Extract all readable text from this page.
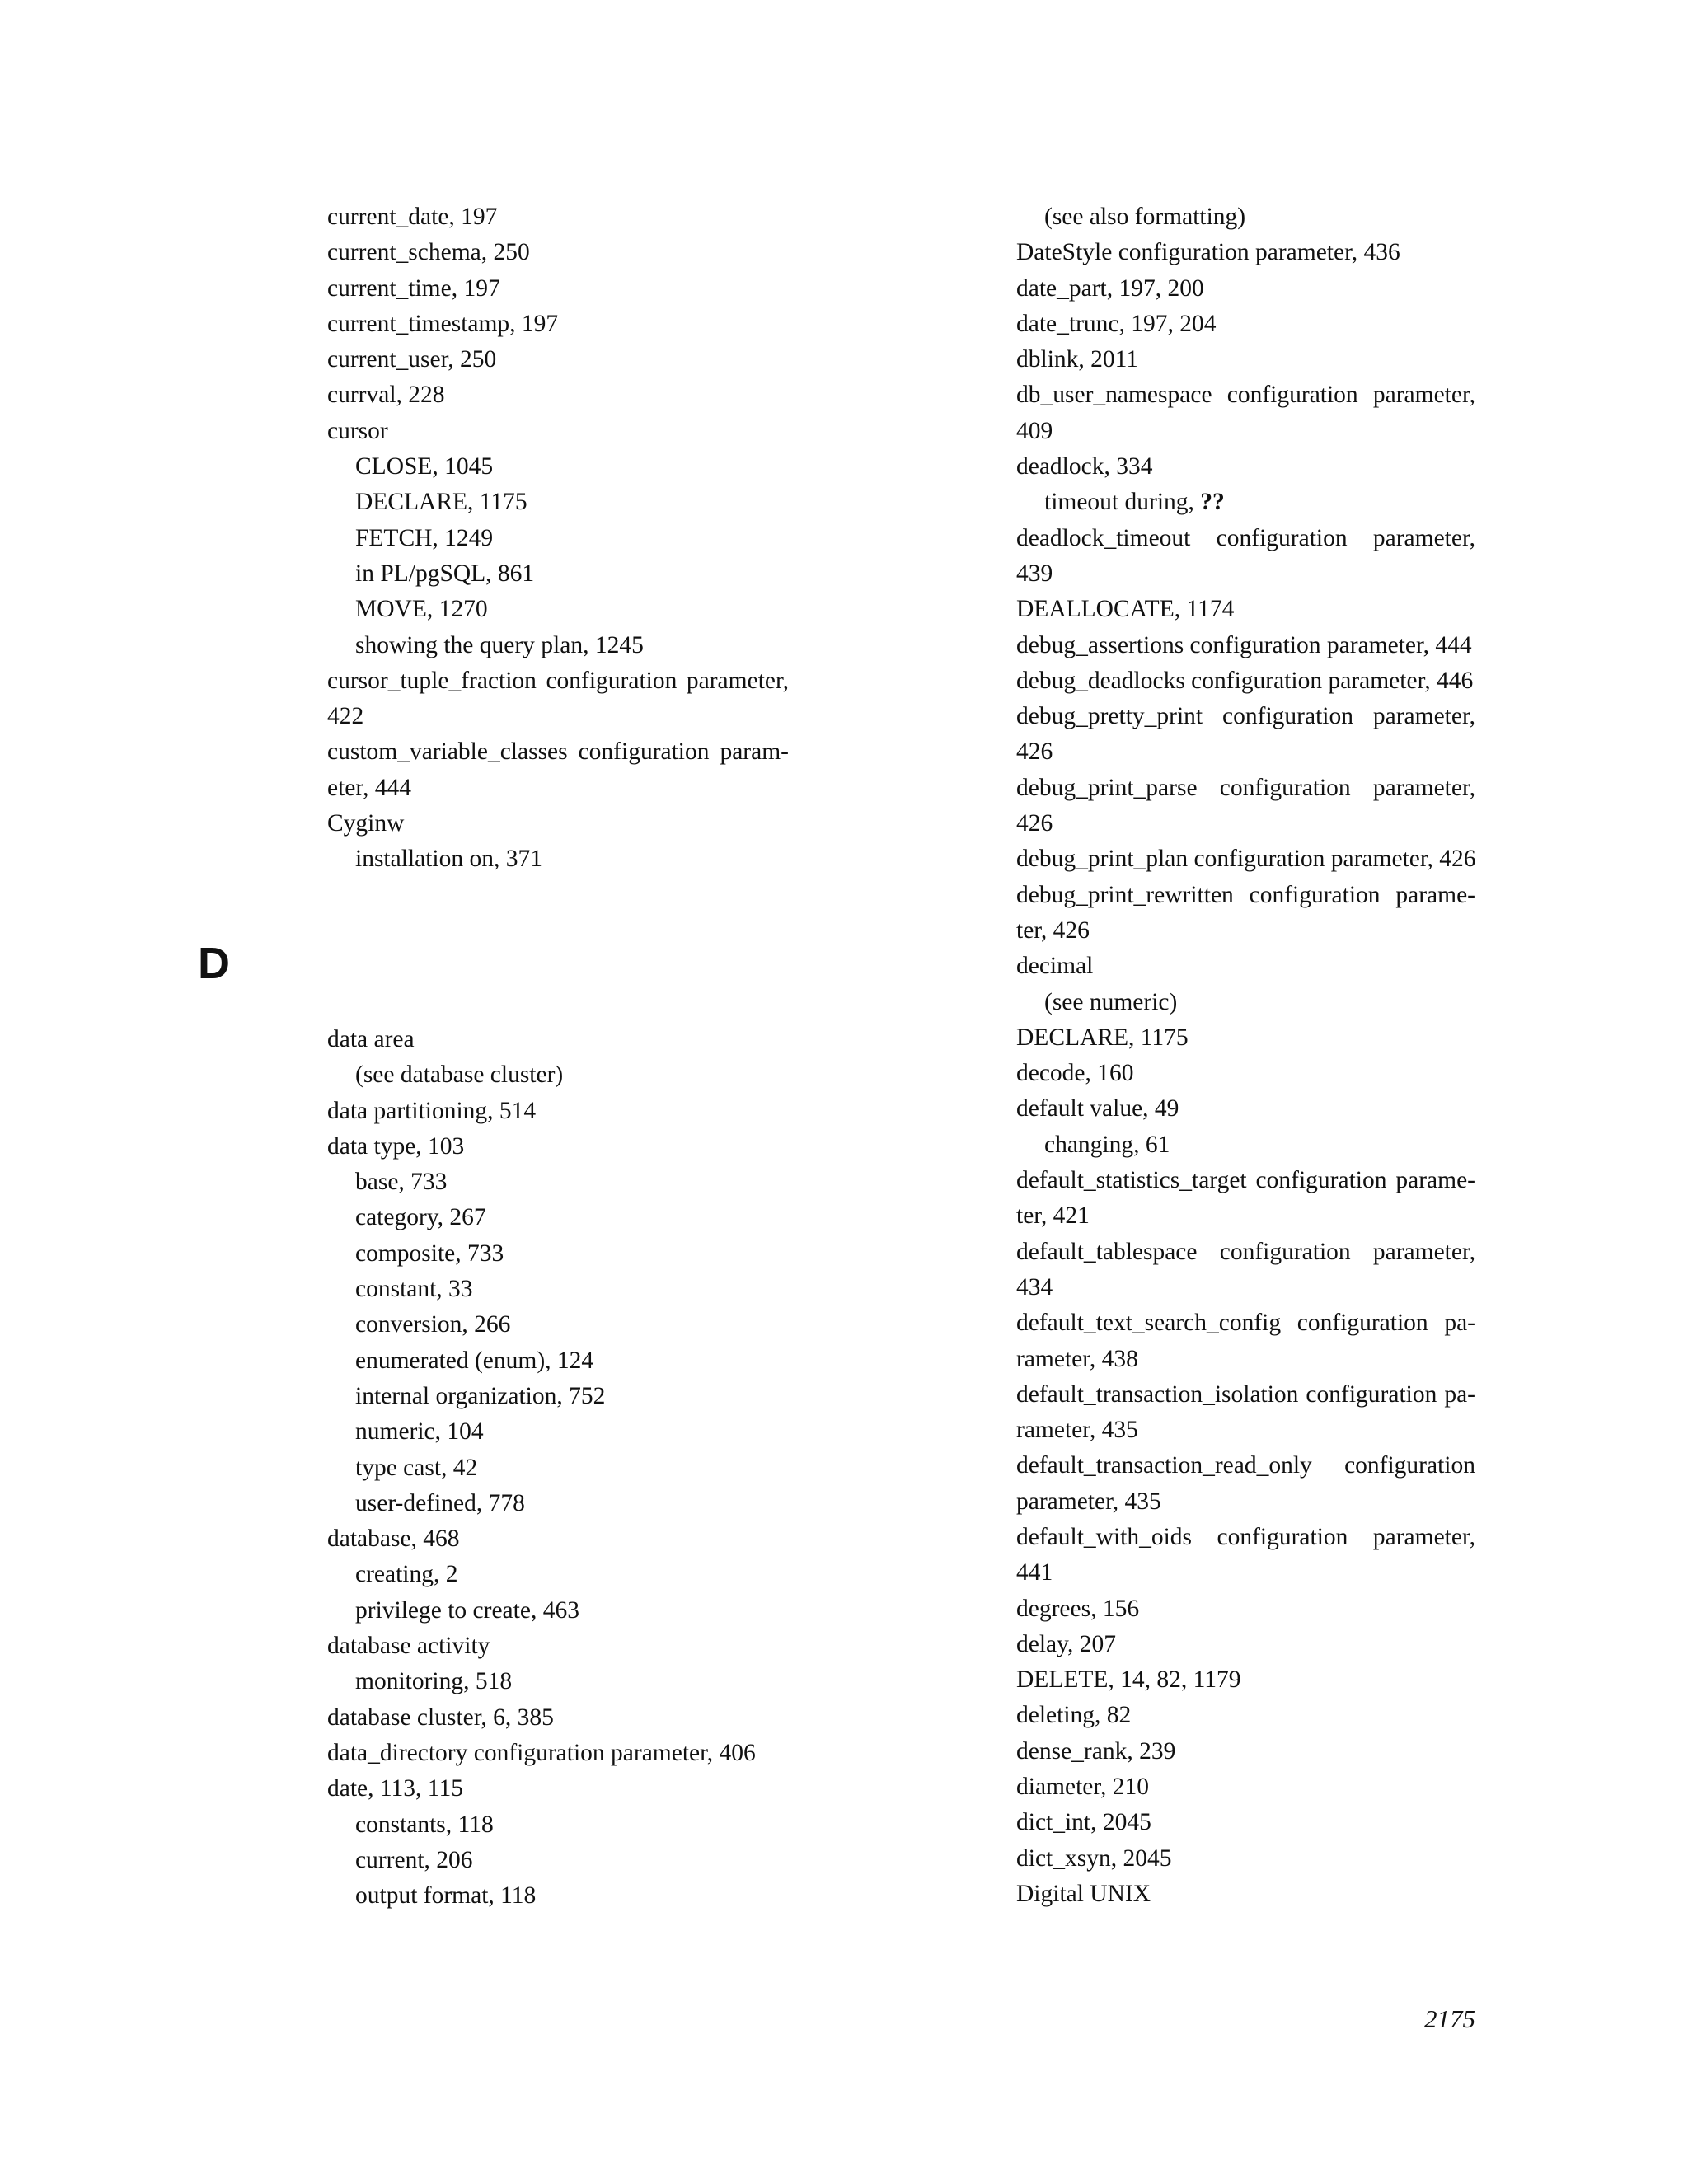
current_date, 197
current_schema, 250
current_time, 197
current_timestamp, 197
current_user, 250
currval, 228
cursor
CLOSE, 1045
DECLARE, 1175
FETCH, 1249
in PL/pgSQL, 861
MOVE, 1270
showing the query plan, 1245
cursor_tuple_fraction configuration parameter,
422
custom_variable_classes configuration param-
eter, 444
Cyginw
installation on, 371
D
data area
(see database cluster)
data partitioning, 514
data type, 103
base, 733
category, 267
composite, 733
constant, 33
conversion, 266
enumerated (enum), 124
internal organization, 752
numeric, 104
type cast, 42
user-defined, 778
database, 468
creating, 2
privilege to create, 463
database activity
monitoring, 518
database cluster, 6, 385
data_directory configuration parameter, 406
date, 113, 115
constants, 118
current, 206
output format, 118
(see also formatting)
DateStyle configuration parameter, 436
date_part, 197, 200
date_trunc, 197, 204
dblink, 2011
db_user_namespace configuration parameter,
409
deadlock, 334
timeout during, ??
deadlock_timeout configuration parameter,
439
DEALLOCATE, 1174
debug_assertions configuration parameter, 444
debug_deadlocks configuration parameter, 446
debug_pretty_print configuration parameter,
426
debug_print_parse configuration parameter,
426
debug_print_plan configuration parameter, 426
debug_print_rewritten configuration parame-
ter, 426
decimal
(see numeric)
DECLARE, 1175
decode, 160
default value, 49
changing, 61
default_statistics_target configuration parame-
ter, 421
default_tablespace configuration parameter,
434
default_text_search_config configuration pa-
rameter, 438
default_transaction_isolation configuration pa-
rameter, 435
default_transaction_read_only configuration
parameter, 435
default_with_oids configuration parameter,
441
degrees, 156
delay, 207
DELETE, 14, 82, 1179
deleting, 82
dense_rank, 239
diameter, 210
dict_int, 2045
dict_xsyn, 2045
Digital UNIX
2175
